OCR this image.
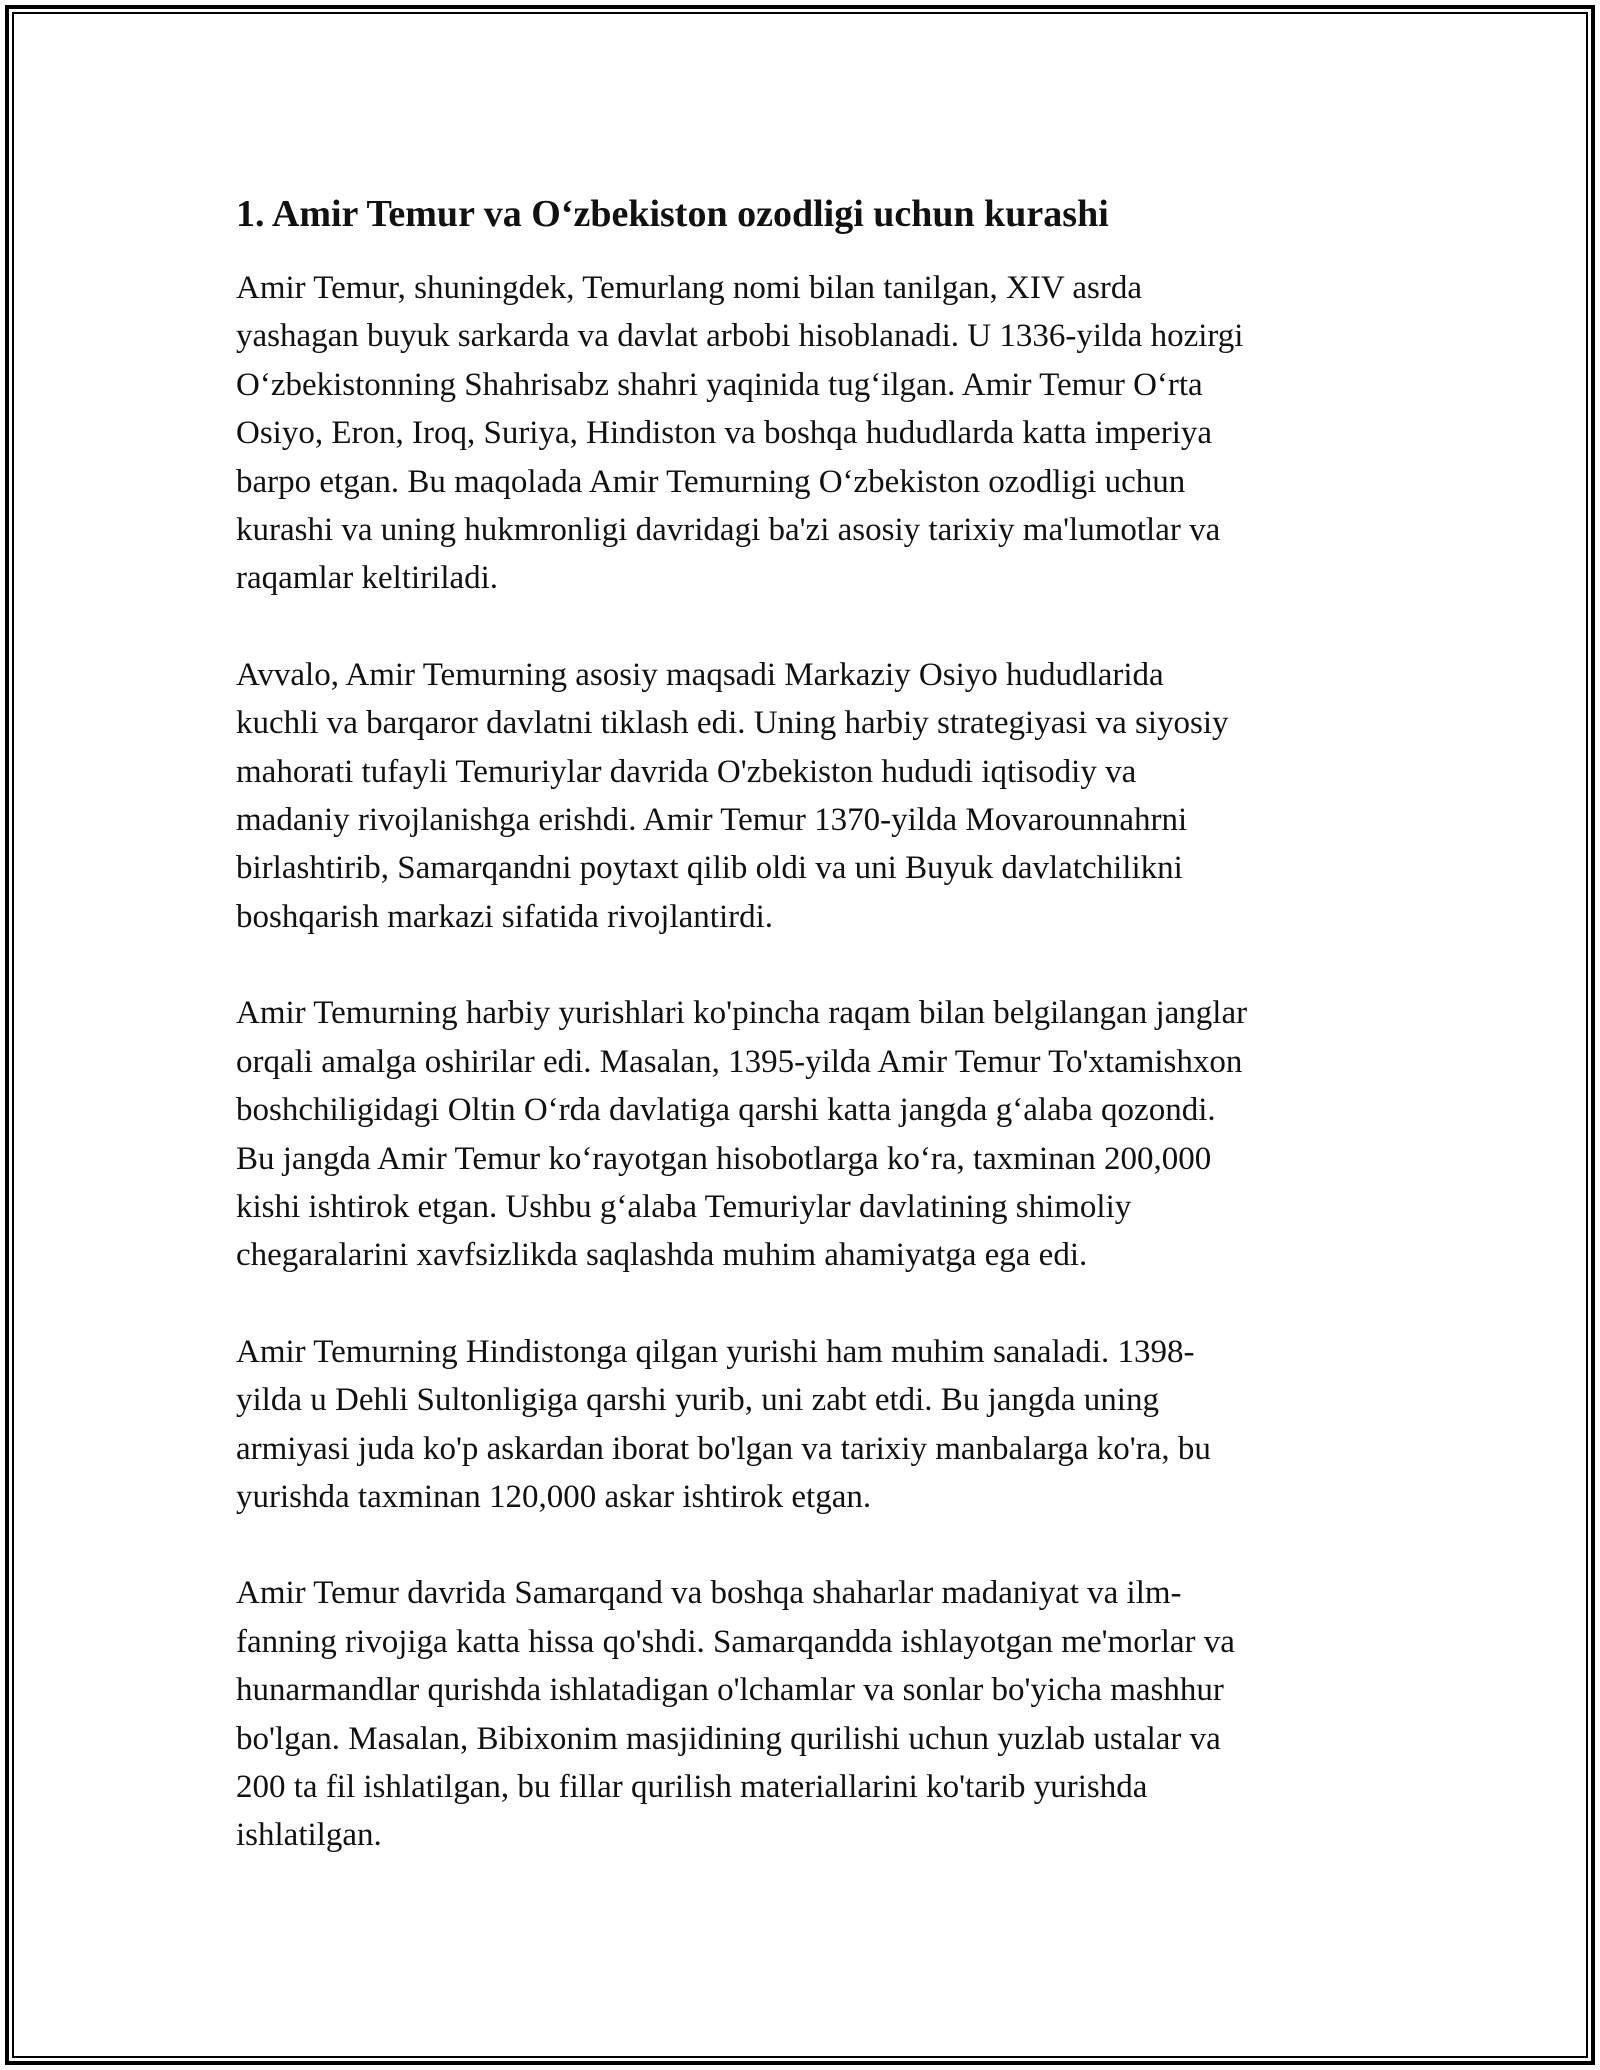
1. Amir Temur va O‘zbekiston ozodligi uchun kurashi

Amir Temur, shuningdek, Temurlang nomi bilan tanilgan, XIV asrda
yashagan buyuk sarkarda va davlat arbobi hisoblanadi. U 1336-yilda hozirgi
O‘zbekistonning Shahrisabz shahri yaqinida tug‘ilgan. Amir Temur O‘rta
Osiyo, Eron, Iroq, Suriya, Hindiston va boshqa hududlarda katta imperiya
barpo etgan. Bu maqolada Amir Temurning O‘zbekiston ozodligi uchun
kurashi va uning hukmronligi davridagi ba'zi asosiy tarixiy ma'lumotlar va
raqamlar keltiriladi.

Avvalo, Amir Temurning asosiy maqsadi Markaziy Osiyo hududlarida
kuchli va barqaror davlatni tiklash edi. Uning harbiy strategiyasi va siyosiy
mahorati tufayli Temuriylar davrida O'zbekiston hududi iqtisodiy va
madaniy rivojlanishga erishdi. Amir Temur 1370-yilda Movarounnahrni
birlashtirib, Samarqandni poytaxt qilib oldi va uni Buyuk davlatchilikni
boshqarish markazi sifatida rivojlantirdi.

Amir Temurning harbiy yurishlari ko'pincha raqam bilan belgilangan janglar
orqali amalga oshirilar edi. Masalan, 1395-yilda Amir Temur To'xtamishxon
boshchiligidagi Oltin O‘rda davlatiga qarshi katta jangda g‘alaba qozondi.
Bu jangda Amir Temur ko‘rayotgan hisobotlarga ko‘ra, taxminan 200,000
kishi ishtirok etgan. Ushbu g‘alaba Temuriylar davlatining shimoliy
chegaralarini xavfsizlikda saqlashda muhim ahamiyatga ega edi.

Amir Temurning Hindistonga qilgan yurishi ham muhim sanaladi. 1398-
yilda u Dehli Sultonligiga qarshi yurib, uni zabt etdi. Bu jangda uning
armiyasi juda ko'p askardan iborat bo'lgan va tarixiy manbalarga ko'ra, bu
yurishda taxminan 120,000 askar ishtirok etgan.

Amir Temur davrida Samarqand va boshqa shaharlar madaniyat va ilm-
fanning rivojiga katta hissa qo'shdi. Samarqandda ishlayotgan me'morlar va
hunarmandlar qurishda ishlatadigan o'lchamlar va sonlar bo'yicha mashhur
bo'lgan. Masalan, Bibixonim masjidining qurilishi uchun yuzlab ustalar va
200 ta fil ishlatilgan, bu fillar qurilish materiallarini ko'tarib yurishda
ishlatilgan.
